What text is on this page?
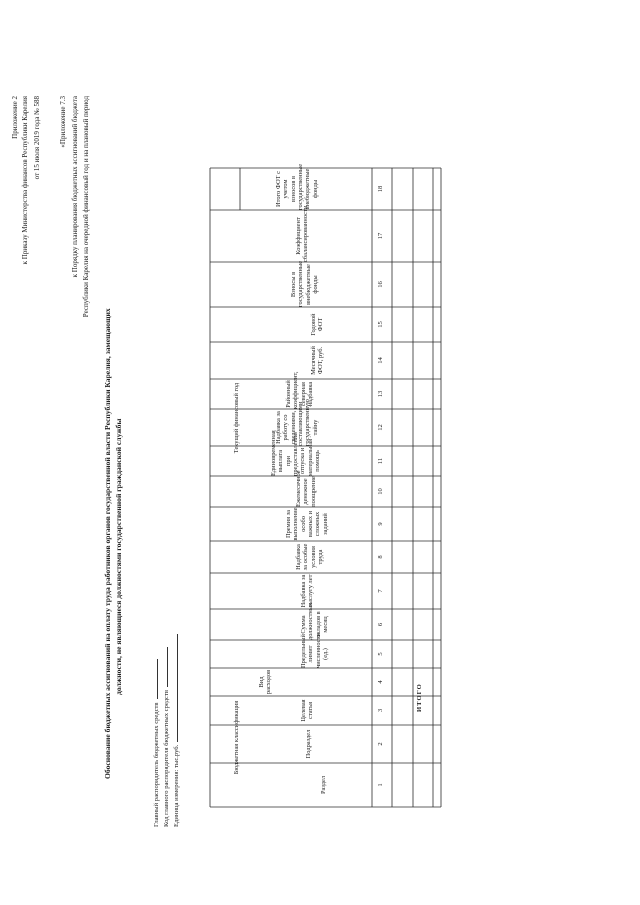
Приложение 2 к Приказу Министерства финансов Республики Карелия от 15 июля 2019 года № 588	«Приложение 7.3 к Порядку планирования бюджетных ассигнований бюджета Республики Карелия на очередной финансовый год и на плановый период
Обоснование бюджетных ассигнований на оплату труда работников органов государственной власти Республики Карелия, замещающих должности, не являющиеся должностями государственной гражданской службы
Главный распорядитель бюджетных средств Код главного распорядителя бюджетных средств Единица измерения: тыс.руб.
Бюджетная классификация
Текущий финансовый год
Раздел
Подраздел
Целевая статья
Вид расходов
Предельный лимит численности (ед.)
Сумма должностных окладов в месяц
Надбавка за выслугу лет
Надбавка за особые условия труда
Премия за выполнение особо важных и сложных заданий
Ежемесячное денежное поощрение
Единовременная выплата при предоставлении отпуска и материальная помощь
Надбавка за работу со сведениями, составляющими государственную тайну
Районный коэффициент, северная надбавка
Месячный ФОТ, руб.
Годовой ФОТ
Взносы в государственные внебюджетные фонды
Коэффициент сбалансированности
Итого ФОТ с учетом взносов в государственные внебюджетные фонды
1
2
3
4
5
6
7
8
9
10
11
12
13
14
15
16
17
18
ИТОГО
